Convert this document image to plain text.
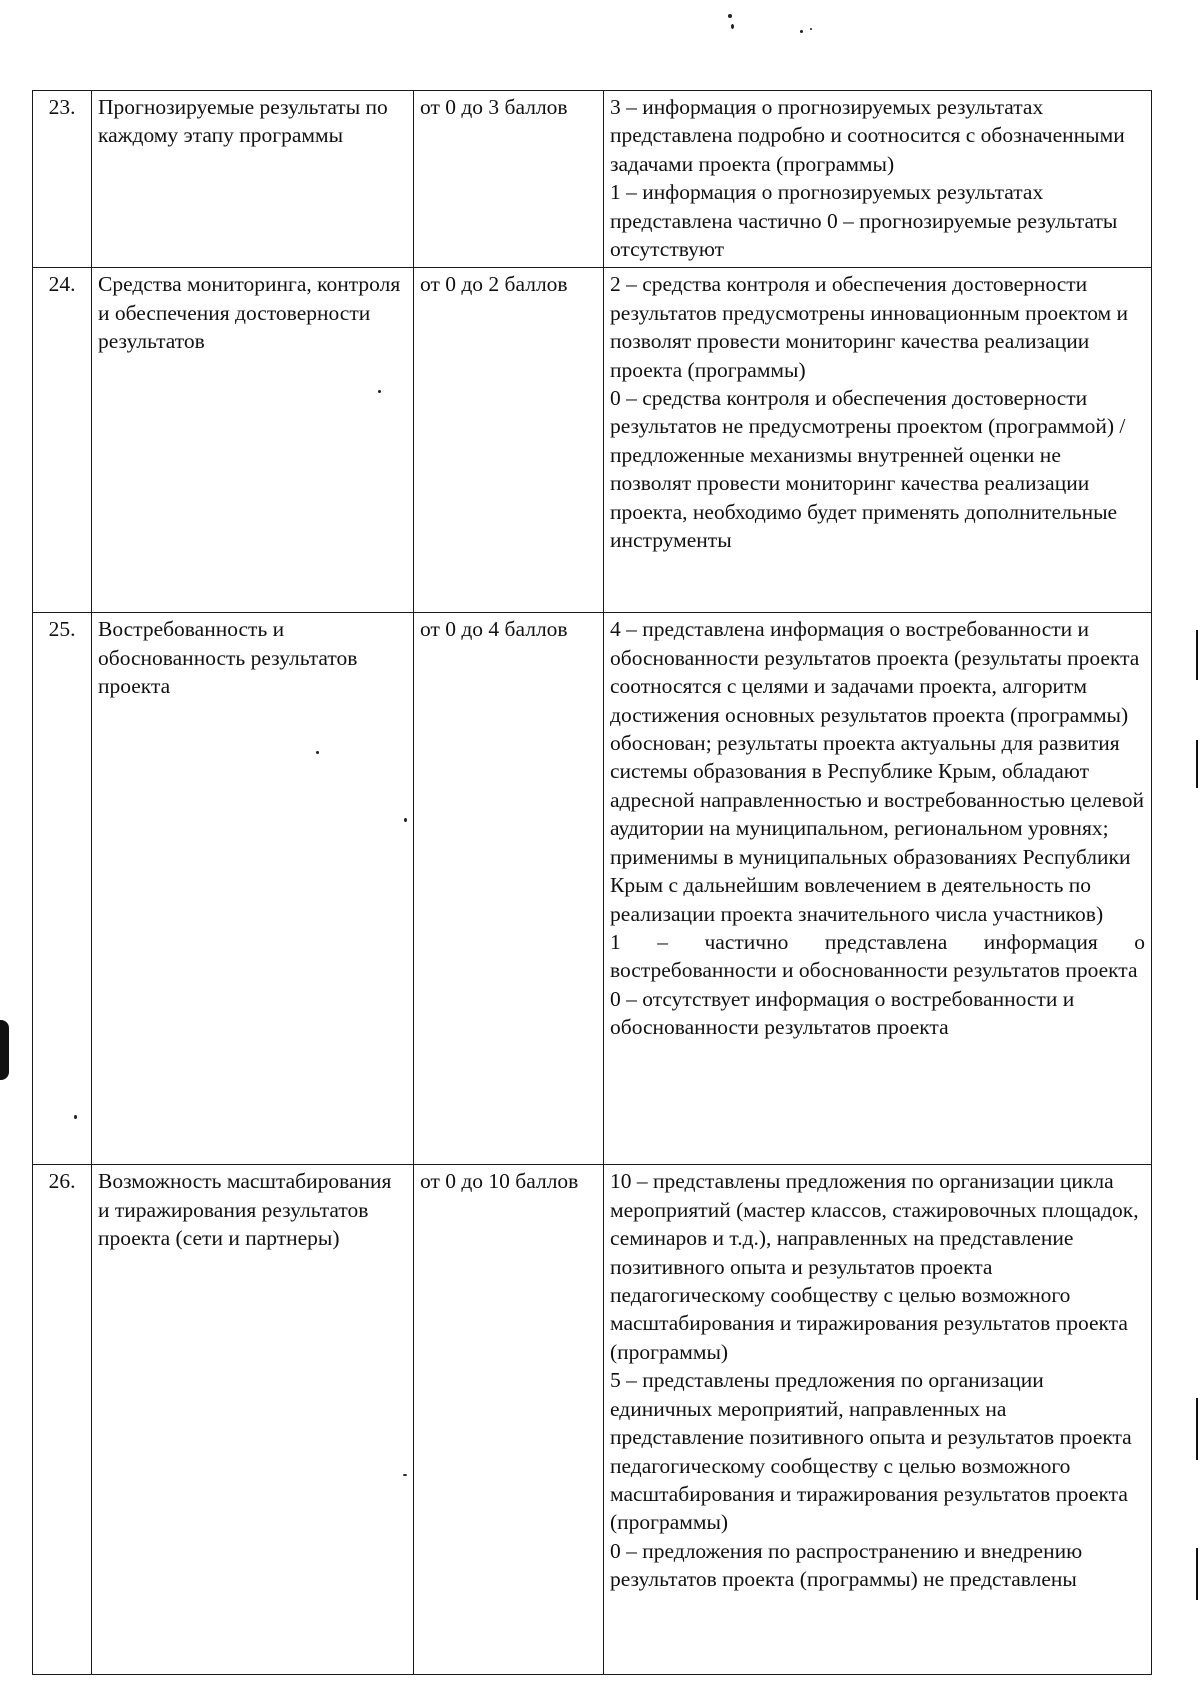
23.	Прогнозируемые результаты по каждому этапу программы	от 0 до 3 баллов	3 – информация о прогнозируемых результатах представлена подробно и соотносится с обозначенными задачами проекта (программы)
1 – информация о прогнозируемых результатах представлена частично 0 – прогнозируемые результаты отсутствуют

24.	Средства мониторинга, контроля и обеспечения достоверности результатов	от 0 до 2 баллов	2 – средства контроля и обеспечения достоверности результатов предусмотрены инновационным проектом и позволят провести мониторинг качества реализации проекта (программы)
0 – средства контроля и обеспечения достоверности результатов не предусмотрены проектом (программой) / предложенные механизмы внутренней оценки не позволят провести мониторинг качества реализации проекта, необходимо будет применять дополнительные инструменты

25.	Востребованность и обоснованность результатов проекта	от 0 до 4 баллов	4 – представлена информация о востребованности и обоснованности результатов проекта (результаты проекта соотносятся с целями и задачами проекта, алгоритм достижения основных результатов проекта (программы) обоснован; результаты проекта актуальны для развития системы образования в Республике Крым, обладают адресной направленностью и востребованностью целевой аудитории на муниципальном, региональном уровнях; применимы в муниципальных образованиях Республики Крым с дальнейшим вовлечением в деятельность по реализации проекта значительного числа участников)
1 – частично представлена информация о востребованности и обоснованности результатов проекта
0 – отсутствует информация о востребованности и обоснованности результатов проекта

26.	Возможность масштабирования и тиражирования результатов проекта (сети и партнеры)	от 0 до 10 баллов	10 – представлены предложения по организации цикла мероприятий (мастер классов, стажировочных площадок, семинаров и т.д.), направленных на представление позитивного опыта и результатов проекта педагогическому сообществу с целью возможного масштабирования и тиражирования результатов проекта (программы)
5 – представлены предложения по организации единичных мероприятий, направленных на представление позитивного опыта и результатов проекта педагогическому сообществу с целью возможного масштабирования и тиражирования результатов проекта (программы)
0 – предложения по распространению и внедрению результатов проекта (программы) не представлены
